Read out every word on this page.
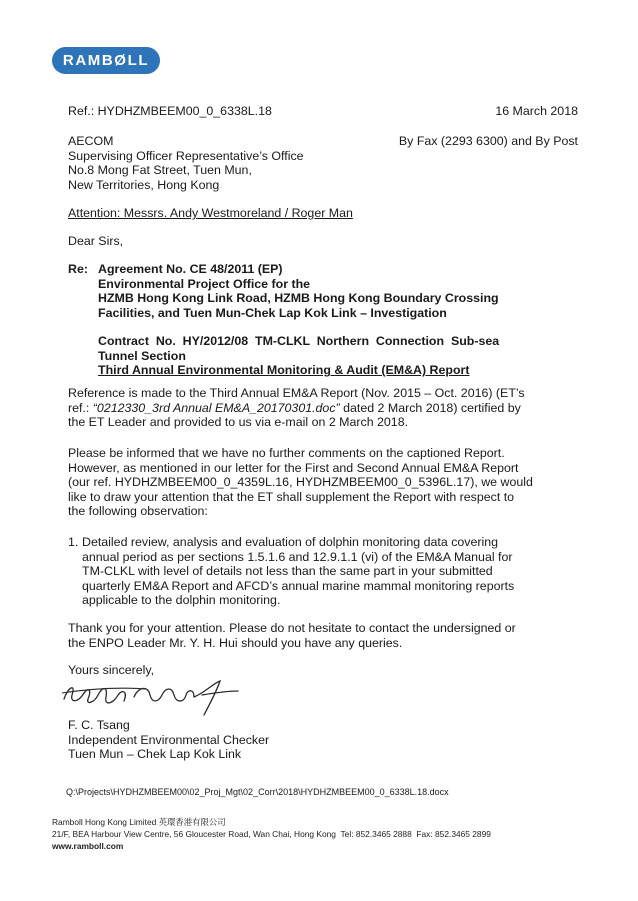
RAMBØLL
Ref.: HYDHZMBEEM00_0_6338L.18	16 March 2018
AECOM
Supervising Officer Representative’s Office
No.8 Mong Fat Street, Tuen Mun,
New Territories, Hong Kong
By Fax (2293 6300) and By Post
Attention: Messrs. Andy Westmoreland / Roger Man
Dear Sirs,
Re: Agreement No. CE 48/2011 (EP)
Environmental Project Office for the
HZMB Hong Kong Link Road, HZMB Hong Kong Boundary Crossing
Facilities, and Tuen Mun-Chek Lap Kok Link – Investigation
Contract  No.  HY/2012/08  TM-CLKL  Northern  Connection  Sub-sea
Tunnel Section
Third Annual Environmental Monitoring & Audit (EM&A) Report
Reference is made to the Third Annual EM&A Report (Nov. 2015 – Oct. 2016) (ET’s
ref.: “0212330_3rd Annual EM&A_20170301.doc” dated 2 March 2018) certified by
the ET Leader and provided to us via e-mail on 2 March 2018.
Please be informed that we have no further comments on the captioned Report.
However, as mentioned in our letter for the First and Second Annual EM&A Report
(our ref. HYDHZMBEEM00_0_4359L.16, HYDHZMBEEM00_0_5396L.17), we would
like to draw your attention that the ET shall supplement the Report with respect to
the following observation:
1. Detailed review, analysis and evaluation of dolphin monitoring data covering
annual period as per sections 1.5.1.6 and 12.9.1.1 (vi) of the EM&A Manual for
TM-CLKL with level of details not less than the same part in your submitted
quarterly EM&A Report and AFCD’s annual marine mammal monitoring reports
applicable to the dolphin monitoring.
Thank you for your attention. Please do not hesitate to contact the undersigned or
the ENPO Leader Mr. Y. H. Hui should you have any queries.
Yours sincerely,
F. C. Tsang
Independent Environmental Checker
Tuen Mun – Chek Lap Kok Link
Q:\Projects\HYDHZMBEEM00\02_Proj_Mgt\02_Corr\2018\HYDHZMBEEM00_0_6338L.18.docx
Ramboll Hong Kong Limited 英環香港有限公司
21/F, BEA Harbour View Centre, 56 Gloucester Road, Wan Chai, Hong Kong Tel: 852.3465 2888 Fax: 852.3465 2899
www.ramboll.com
